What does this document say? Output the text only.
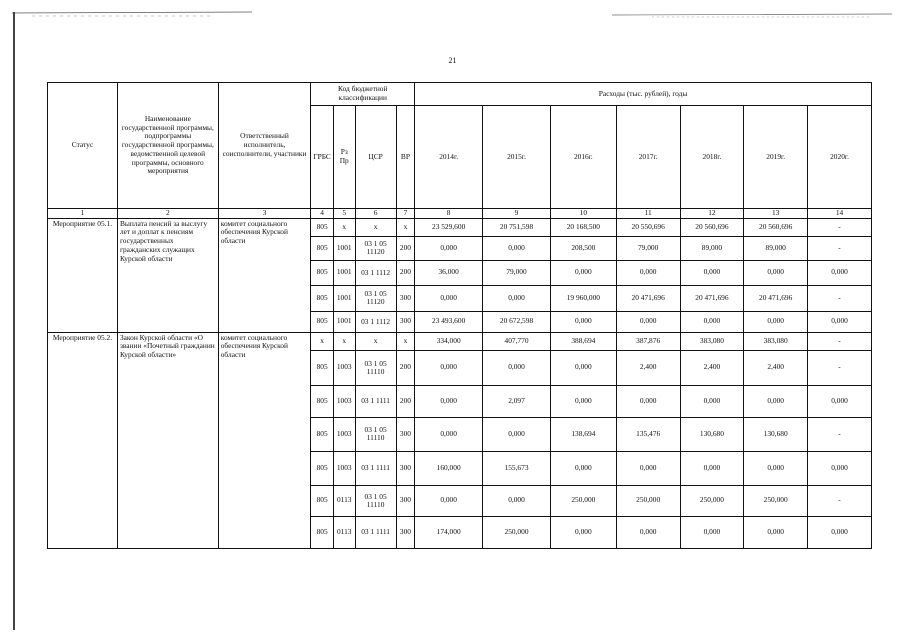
21
Статус	Наименование государственной программы, подпрограммы государственной программы, ведомственной целевой программы, основного мероприятия	Ответственный исполнитель, соисполнители, участники	Код бюджетной классификации				Расходы (тыс. рублей), годы						
			ГРБС	Рз Пр	ЦСР	ВР	2014г.	2015г.	2016г.	2017г.	2018г.	2019г.	2020г.
1	2	3	4	5	6	7	8	9	10	11	12	13	14
Мероприятие 05.1.	Выплата пенсий за выслугу лет и доплат к пенсиям государственных гражданских служащих Курской области	комитет социального обеспечения Курской области	805	x	x	x	23 529,600	20 751,598	20 168,500	20 550,696	20 560,696	20 560,696	-
			805	1001	03 1 05 11120	200	0,000	0,000	208,500	79,000	89,000	89,000	-
			805	1001	03 1 1112	200	36,000	79,000	0,000	0,000	0,000	0,000	0,000
			805	1001	03 1 05 11120	300	0,000	0,000	19 960,000	20 471,696	20 471,696	20 471,696	-
			805	1001	03 1 1112	300	23 493,600	20 672,598	0,000	0,000	0,000	0,000	0,000
Мероприятие 05.2.	Закон Курской области «О звании «Почетный гражданин Курской области»	комитет социального обеспечения Курской области	x	x	x	x	334,000	407,770	388,694	387,876	383,080	383,080	-
			805	1003	03 1 05 11110	200	0,000	0,000	0,000	2,400	2,400	2,400	-
			805	1003	03 1 1111	200	0,000	2,097	0,000	0,000	0,000	0,000	0,000
			805	1003	03 1 05 11110	300	0,000	0,000	138,694	135,476	130,680	130,680	-
			805	1003	03 1 1111	300	160,000	155,673	0,000	0,000	0,000	0,000	0,000
			805	0113	03 1 05 11110	300	0,000	0,000	250,000	250,000	250,000	250,000	-
			805	0113	03 1 1111	300	174,000	250,000	0,000	0,000	0,000	0,000	0,000
